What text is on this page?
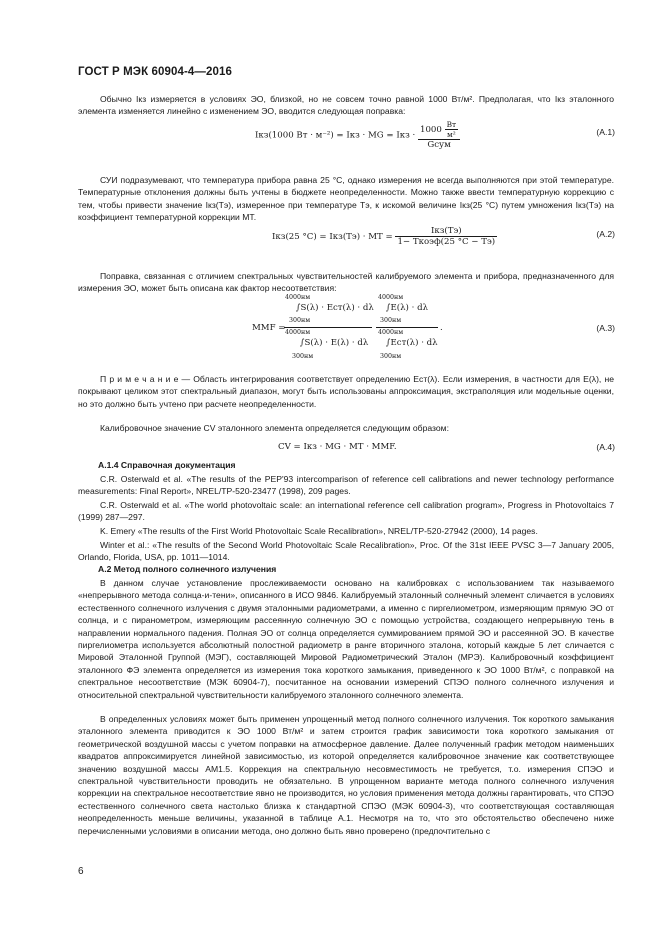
ГОСТ Р МЭК 60904-4—2016
Обычно Iкз измеряется в условиях ЭО, близкой, но не совсем точно равной 1000 Вт/м². Предполагая, что Iкз эталонного элемента изменяется линейно с изменением ЭО, вводится следующая поправка:
Iкз(1000 Вт · м⁻²) = Iкз · MG = Iкз · $\frac{1000 \frac{Вт}{\text{м²}}}{\text{Gсум}}$	(A.1)
СУИ подразумевают, что температура прибора равна 25 °С, однако измерения не всегда выполняются при этой температуре. Температурные отклонения должны быть учтены в бюджете неопределенности. Можно также ввести температурную коррекцию с тем, чтобы привести значение Iкз(Tэ), измеренное при температуре Tэ, к искомой величине Iкз(25 °С) путем умножения Iкз(Tэ) на коэффициент температурной коррекции MT.
Iкз(25 °С) = Iкз(Tэ) · MT = $\frac{\text{Iкз(Tэ)}}{\text{1− Tкоэф(25 °С − Tэ)}}$	(A.2)
Поправка, связанная с отличием спектральных чувствительностей калибруемого элемента и прибора, предназначенного для измерения ЭО, может быть описана как фактор несоответствия:
MMF =
4000нм
∫S(λ) · Eст(λ) · dλ
300нм
4000нм
∫E(λ) · dλ
300нм
.
4000нм
∫S(λ) · E(λ) · dλ
300нм
4000нм
∫Eст(λ) · dλ
300нм
(A.3)
П р и м е ч а н и е — Область интегрирования соответствует определению Eст(λ). Если измерения, в частности для E(λ), не покрывают целиком этот спектральный диапазон, могут быть использованы аппроксимация, экстраполяция или модельные оценки, но это должно быть учтено при расчете неопределенности.
Калибровочное значение CV эталонного элемента определяется следующим образом:
CV = Iкз · MG · MT · MMF.	(A.4)
A.1.4 Справочная документация
C.R. Osterwald et al. «The results of the PEP'93 intercomparison of reference cell calibrations and newer technology performance measurements: Final Report», NREL/TP-520-23477 (1998), 209 pages.
C.R. Osterwald et al. «The world photovoltaic scale: an international reference cell calibration program», Progress in Photovoltaics 7 (1999) 287—297.
K. Emery «The results of the First World Photovoltaic Scale Recalibration», NREL/TP-520-27942 (2000), 14 pages.
Winter et al.: «The results of the Second World Photovoltaic Scale Recalibration», Proc. Of the 31st IEEE PVSC 3—7 January 2005, Orlando, Florida, USA, pp. 1011—1014.
A.2 Метод полного солнечного излучения
В данном случае установление прослеживаемости основано на калибровках с использованием так называемого «непрерывного метода солнца-и-тени», описанного в ИСО 9846. Калибруемый эталонный солнечный элемент сличается в условиях естественного солнечного излучения с двумя эталонными радиометрами, а именно с пиргелиометром, измеряющим прямую ЭО от солнца, и с пиранометром, измеряющим рассеянную солнечную ЭО с помощью устройства, создающего непрерывную тень в направлении нормального падения. Полная ЭО от солнца определяется суммированием прямой ЭО и рассеянной ЭО. В качестве пиргелиометра используется абсолютный полостной радиометр в ранге вторичного эталона, который каждые 5 лет сличается с Мировой Эталонной Группой (МЭГ), составляющей Мировой Радиометрический Эталон (МРЭ). Калибровочный коэффициент эталонного ФЭ элемента определяется из измерения тока короткого замыкания, приведенного к ЭО 1000 Вт/м², с поправкой на спектральное несоответствие (МЭК 60904-7), посчитанное на основании измерений СПЭО полного солнечного излучения и относительной спектральной чувствительности калибруемого эталонного солнечного элемента.
В определенных условиях может быть применен упрощенный метод полного солнечного излучения. Ток короткого замыкания эталонного элемента приводится к ЭО 1000 Вт/м² и затем строится график зависимости тока короткого замыкания от геометрической воздушной массы с учетом поправки на атмосферное давление. Далее полученный график методом наименьших квадратов аппроксимируется линейной зависимостью, из которой определяется калибровочное значение как соответствующее значению воздушной массы AM1.5. Коррекция на спектральную несовместимость не требуется, т.о. измерения СПЭО и спектральной чувствительности проводить не обязательно. В упрощенном варианте метода полного солнечного излучения коррекции на спектральное несоответствие явно не производится, но условия применения метода должны гарантировать, что СПЭО естественного солнечного света настолько близка к стандартной СПЭО (МЭК 60904-3), что соответствующая составляющая неопределенность меньше величины, указанной в таблице А.1. Несмотря на то, что это обстоятельство обеспечено ниже перечисленными условиями в описании метода, оно должно быть явно проверено (предпочтительно с
6
